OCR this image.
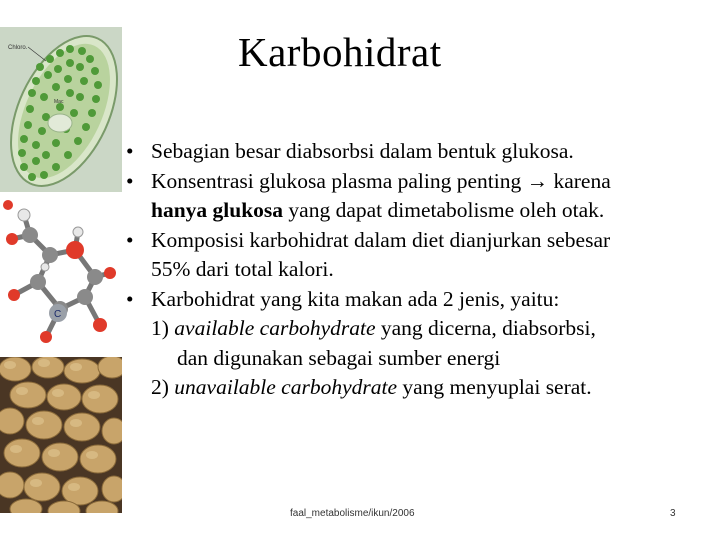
Karbohidrat
Chloro.
Mac
C
• Sebagian besar diabsorbsi dalam bentuk glukosa.
• Konsentrasi glukosa plasma paling penting → karena
hanya glukosa yang dapat dimetabolisme oleh otak.
• Komposisi karbohidrat dalam diet dianjurkan sebesar
55% dari total kalori.
• Karbohidrat yang kita makan ada 2 jenis, yaitu:
1) available carbohydrate yang dicerna, diabsorbsi,
dan digunakan sebagai sumber energi
2) unavailable carbohydrate yang menyuplai serat.
faal_metabolisme/ikun/2006	3
